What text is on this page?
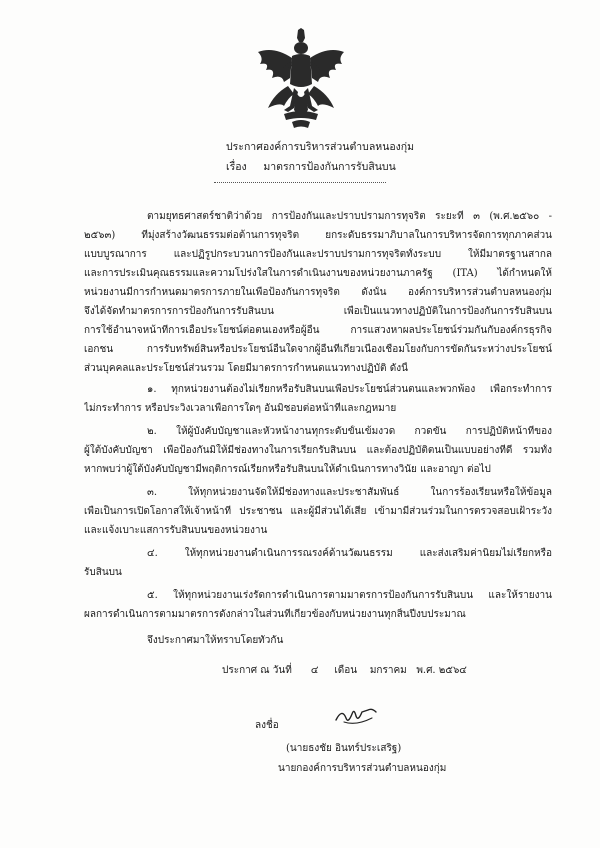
ประกาศองค์การบริหารส่วนตำบลหนองกุ่ม
เรื่อง มาตรการป้องกันการรับสินบน
ตามยุทธศาสตร์ชาติว่าด้วย การป้องกันและปราบปรามการทุจริต ระยะที่ ๓ (พ.ศ.๒๕๖๐ -
๒๕๖๓) ที่มุ่งสร้างวัฒนธรรมต่อต้านการทุจริต ยกระดับธรรมาภิบาลในการบริหารจัดการทุกภาคส่วน
แบบบูรณาการ และปฏิรูปกระบวนการป้องกันและปราบปรามการทุจริตทั้งระบบ ให้มีมาตรฐานสากล
และการประเมินคุณธรรมและความโปร่งใสในการดำเนินงานของหน่วยงานภาครัฐ (ITA) ได้กำหนดให้
หน่วยงานมีการกำหนดมาตรการภายในเพื่อป้องกันการทุจริต ดังนั้น องค์การบริหารส่วนตำบลหนองกุ่ม
จึงได้จัดทำมาตรการการป้องกันการรับสินบน เพื่อเป็นแนวทางปฏิบัติในการป้องกันการรับสินบน
การใช้อำนาจหน้าที่การเอื้อประโยชน์ต่อตนเองหรือผู้อื่น การแสวงหาผลประโยชน์ร่วมกันกับองค์กรธุรกิจ
เอกชน การรับทรัพย์สินหรือประโยชน์อื่นใดจากผู้อื่นที่เกี่ยวเนื่องเชื่อมโยงกับการขัดกันระหว่างประโยชน์
ส่วนบุคคลและประโยชน์ส่วนรวม โดยมีมาตรการกำหนดแนวทางปฏิบัติ ดังนี้
๑. ทุกหน่วยงานต้องไม่เรียกหรือรับสินบนเพื่อประโยชน์ส่วนตนและพวกพ้อง เพื่อกระทำการ
ไม่กระทำการ หรือประวิงเวลาเพื่อการใดๆ อันมิชอบต่อหน้าที่และกฎหมาย
๒. ให้ผู้บังคับบัญชาและหัวหน้างานทุกระดับขั้นเข้มงวด กวดขัน การปฏิบัติหน้าที่ของ
ผู้ใต้บังคับบัญชา เพื่อป้องกันมิให้มีช่องทางในการเรียกรับสินบน และต้องปฏิบัติตนเป็นแบบอย่างที่ดี รวมทั้ง
หากพบว่าผู้ใต้บังคับบัญชามีพฤติการณ์เรียกหรือรับสินบนให้ดำเนินการทางวินัย และอาญา ต่อไป
๓. ให้ทุกหน่วยงานจัดให้มีช่องทางและประชาสัมพันธ์ ในการร้องเรียนหรือให้ข้อมูล
เพื่อเป็นการเปิดโอกาสให้เจ้าหน้าที่ ประชาชน และผู้มีส่วนได้เสีย เข้ามามีส่วนร่วมในการตรวจสอบเฝ้าระวัง
และแจ้งเบาะแสการรับสินบนของหน่วยงาน
๔. ให้ทุกหน่วยงานดำเนินการรณรงค์ด้านวัฒนธรรม และส่งเสริมค่านิยมไม่เรียกหรือ
รับสินบน
๕. ให้ทุกหน่วยงานเร่งรัดการดำเนินการตามมาตรการป้องกันการรับสินบน และให้รายงาน
ผลการดำเนินการตามมาตรการดังกล่าวในส่วนที่เกี่ยวข้องกับหน่วยงานทุกสิ้นปีงบประมาณ
จึงประกาศมาให้ทราบโดยทั่วกัน
ประกาศ ณ วันที่ ๔ เดือน มกราคม พ.ศ. ๒๕๖๔
ลงชื่อ
(นายธงชัย อินทร์ประเสริฐ)
นายกองค์การบริหารส่วนตำบลหนองกุ่ม
